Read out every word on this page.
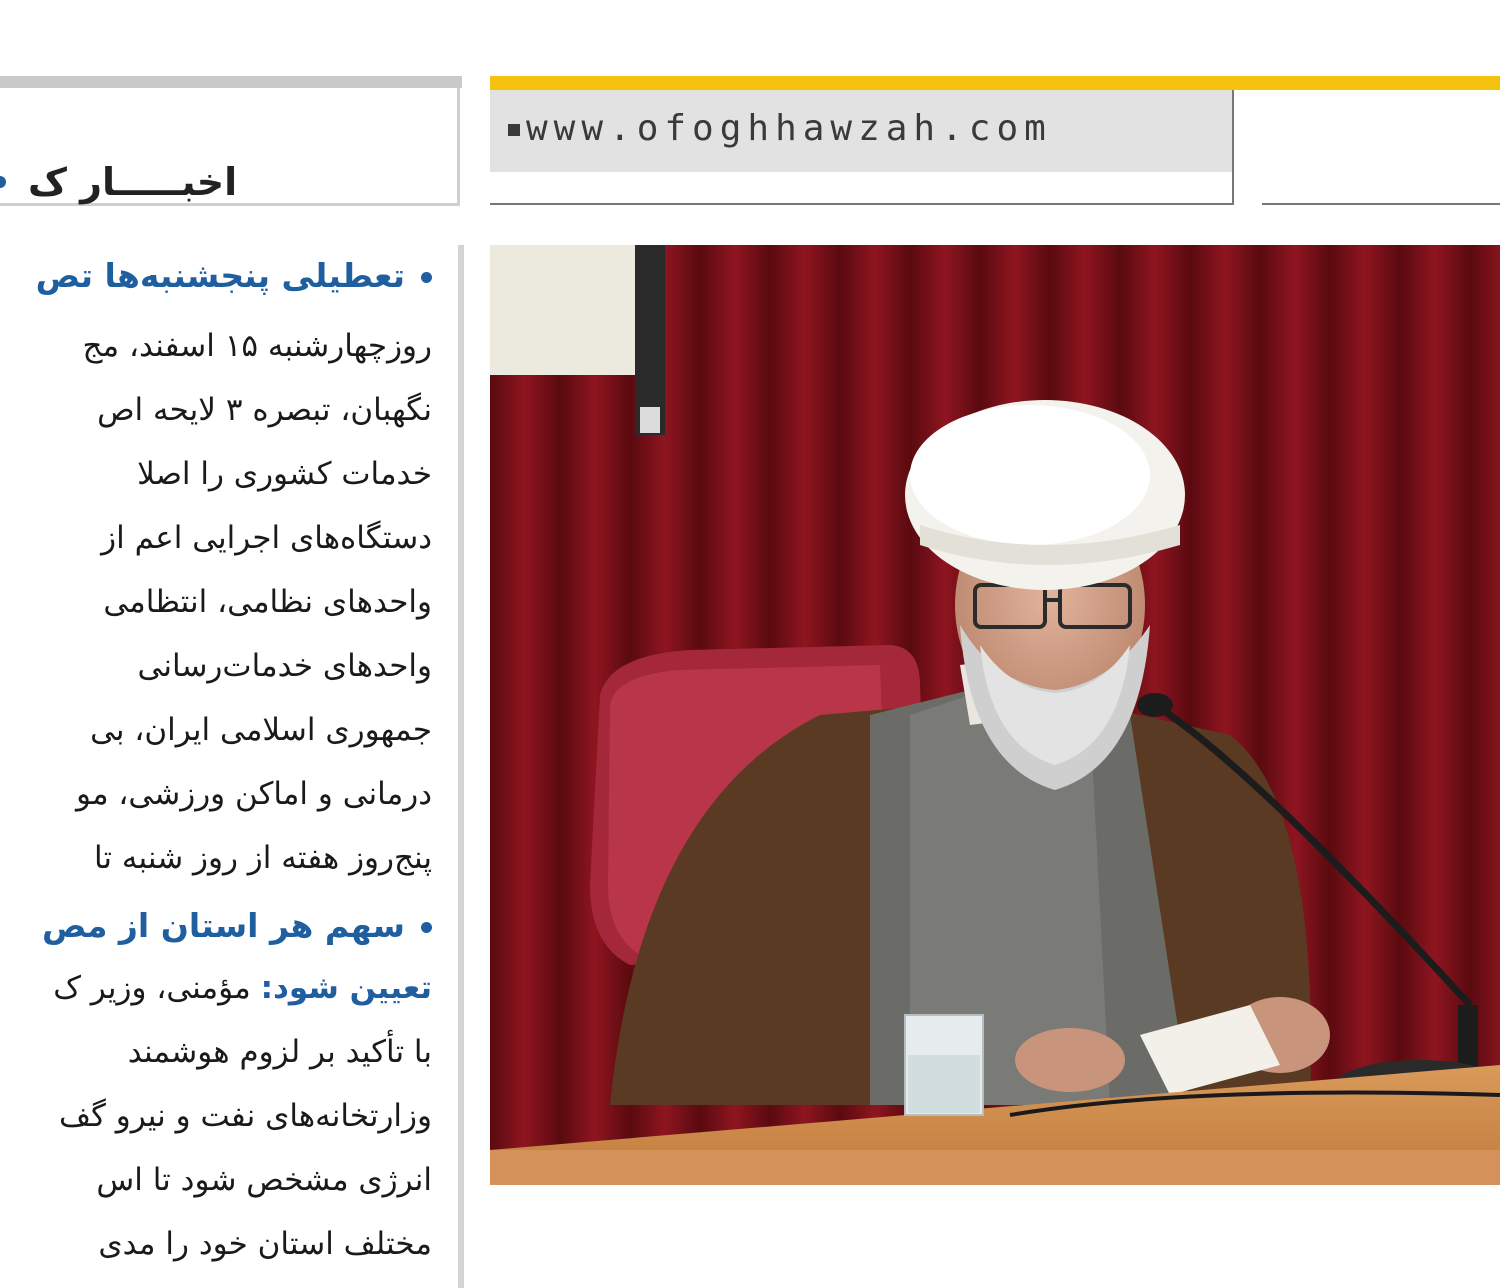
اخبـــــار ک
تعطیلی پنجشنبه‌ها تص
روزچهارشنبه ۱۵ اسفند، مج
نگهبان، تبصره ۳ لایحه اص
خدمات کشوری را اصلا
دستگاه‌های اجرایی اعم از
واحدهای نظامی، انتظامی
واحدهای خدمات‌رسانی
جمهوری اسلامی ایران، بی
درمانی و اماکن ورزشی، مو
پنج‌روز هفته از روز شنبه تا
سهم هر استان از مص
تعیین شود: مؤمنی، وزیر ک
با تأکید بر لزوم هوشمند
وزارتخانه‌های نفت و نیرو گف
انرژی مشخص شود تا اس
مختلف استان خود را مدی
www.ofoghhawzah.com
